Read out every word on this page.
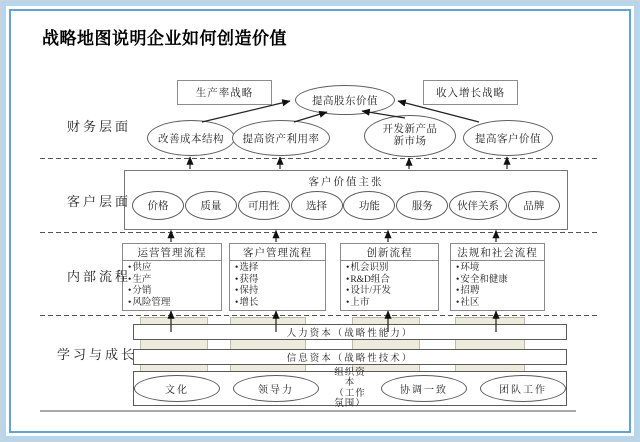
战略地图说明企业如何创造价值
财务层面
客户层面
内部流程
学习与成长
生产率战略	收入增长战略
提高股东价值
改善成本结构	提高资产利用率
开发新产品
新市场	提高客户价值
客户价值主张
价格	质量	可用性	选择	功能	服务	伙伴关系	品牌
运营管理流程
• 供应
• 生产
• 分销
• 风险管理
客户管理流程
• 选择
• 获得
• 保持
• 增长
创新流程
• 机会识别
• R&D组合
• 设计/开发
• 上市
法规和社会流程
• 环境
• 安全和健康
• 招聘
• 社区
人力资本（战略性能力）
信息资本（战略性技术）
文化	领导力
组织资本
（工作氛围）
协调一致	团队工作
